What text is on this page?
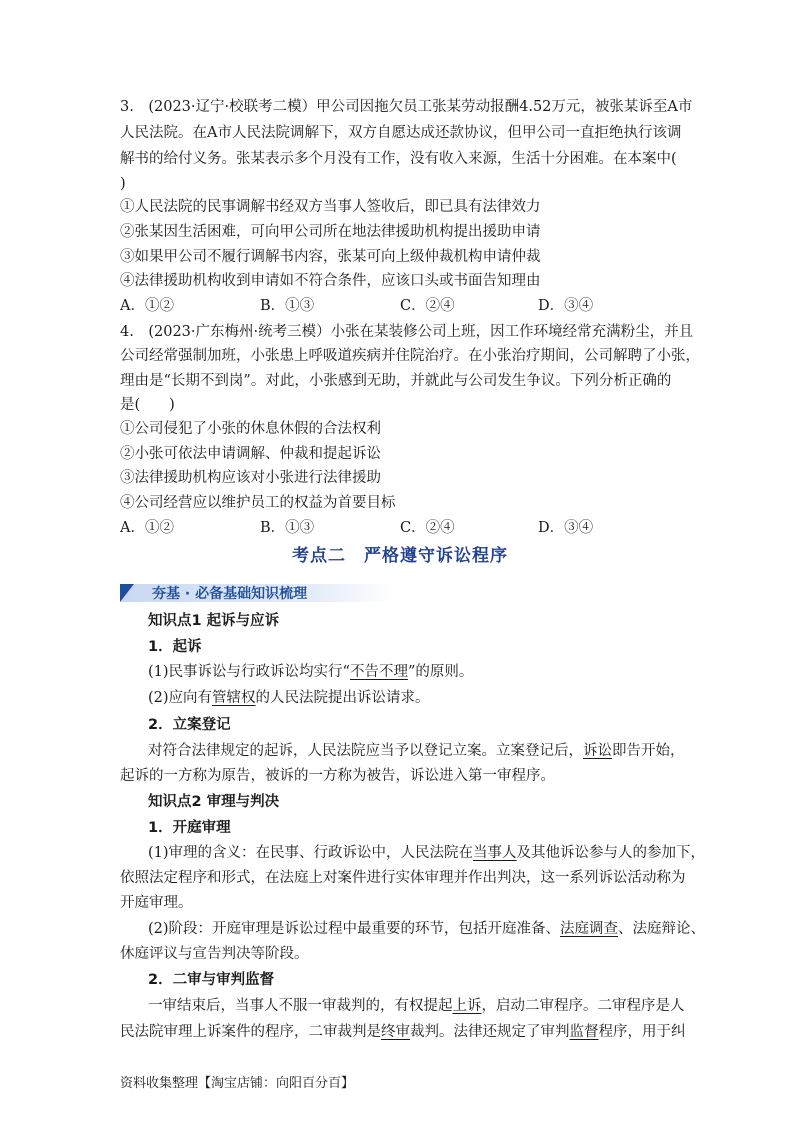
3.　(2023·辽宁·校联考二模）甲公司因拖欠员工张某劳动报酬4.52万元，被张某诉至A市
人民法院。在A市人民法院调解下，双方自愿达成还款协议，但甲公司一直拒绝执行该调
解书的给付义务。张某表示多个月没有工作，没有收入来源，生活十分困难。在本案中(
)
①人民法院的民事调解书经双方当事人签收后，即已具有法律效力
②张某因生活困难，可向甲公司所在地法律援助机构提出援助申请
③如果甲公司不履行调解书内容，张某可向上级仲裁机构申请仲裁
④法律援助机构收到申请如不符合条件，应该口头或书面告知理由
A．①②	B．①③	C．②④	D．③④
4.　(2023·广东梅州·统考三模）小张在某装修公司上班，因工作环境经常充满粉尘，并且
公司经常强制加班，小张患上呼吸道疾病并住院治疗。在小张治疗期间，公司解聘了小张，
理由是“长期不到岗”。对此，小张感到无助，并就此与公司发生争议。下列分析正确的
是(　　)
①公司侵犯了小张的休息休假的合法权利
②小张可依法申请调解、仲裁和提起诉讼
③法律援助机构应该对小张进行法律援助
④公司经营应以维护员工的权益为首要目标
A．①②	B．①③	C．②④	D．③④
考点二　严格遵守诉讼程序
夯基 · 必备基础知识梳理
知识点1 起诉与应诉
1．起诉
(1)民事诉讼与行政诉讼均实行“不告不理”的原则。
(2)应向有管辖权的人民法院提出诉讼请求。
2．立案登记
对符合法律规定的起诉，人民法院应当予以登记立案。立案登记后，诉讼即告开始，
起诉的一方称为原告，被诉的一方称为被告，诉讼进入第一审程序。
知识点2 审理与判决
1．开庭审理
(1)审理的含义：在民事、行政诉讼中，人民法院在当事人及其他诉讼参与人的参加下，
依照法定程序和形式，在法庭上对案件进行实体审理并作出判决，这一系列诉讼活动称为
开庭审理。
(2)阶段：开庭审理是诉讼过程中最重要的环节，包括开庭准备、法庭调查、法庭辩论、
休庭评议与宣告判决等阶段。
2．二审与审判监督
一审结束后，当事人不服一审裁判的，有权提起上诉，启动二审程序。二审程序是人
民法院审理上诉案件的程序，二审裁判是终审裁判。法律还规定了审判监督程序，用于纠
资料收集整理【淘宝店铺：向阳百分百】
